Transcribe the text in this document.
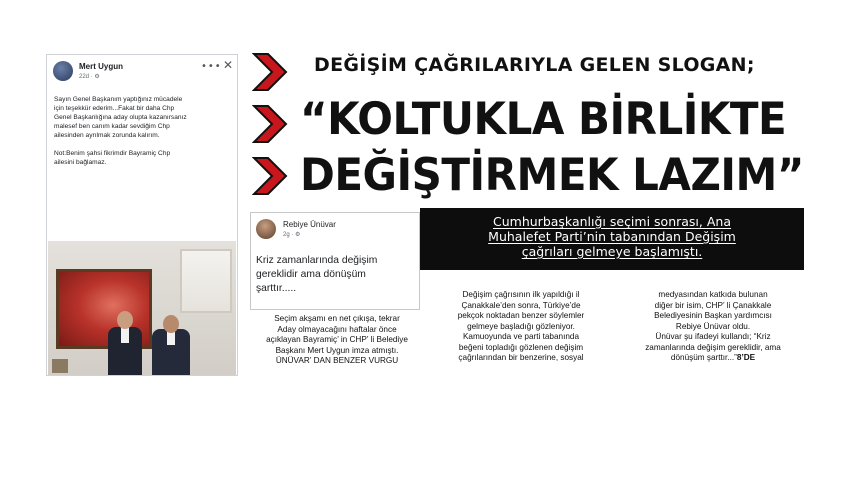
Mert Uygun
22d · ⚙
••• ✕

Sayın Genel Başkanım yaptığınız mücadele
için teşekkür ederim...Fakat bir daha Chp
Genel Başkanlığına aday olupta kazanırsanız
malesef ben canım kadar sevdiğim Chp
ailesinden ayrılmak zorunda kalırım.

Not:Benim şahsi fikrimdir Bayramiç Chp
ailesini bağlamaz.

DEĞİŞİM ÇAĞRILARIYLA GELEN SLOGAN;
“KOLTUKLA BİRLİKTE
DEĞİŞTİRMEK LAZIM”
Cumhurbaşkanlığı seçimi sonrası, Ana
Muhalefet Parti’nin tabanından Değişim
çağrıları gelmeye başlamıştı.
Rebiye Ünüvar
2g · ⚙
Kriz zamanlarında değişim
gereklidir ama dönüşüm
şarttır.....
Seçim akşamı en net çıkışa, tekrar
Aday olmayacağını haftalar önce
açıklayan Bayramiç’ in CHP’ li Belediye
Başkanı Mert Uygun imza atmıştı.
ÜNÜVAR’ DAN BENZER VURGU
Değişim çağrısının ilk yapıldığı il
Çanakkale’den sonra, Türkiye’de
pekçok noktadan benzer söylemler
gelmeye başladığı gözleniyor.
Kamuoyunda ve parti tabanında
beğeni topladığı gözlenen değişim
çağrılarından bir benzerine, sosyal
medyasından katkıda bulunan
diğer bir isim, CHP’ li Çanakkale
Belediyesinin Başkan yardımcısı
Rebiye Ünüvar oldu.
Ünüvar şu ifadeyi kullandı; “Kriz
zamanlarında değişim gereklidir, ama
dönüşüm şarttır...”8’DE
